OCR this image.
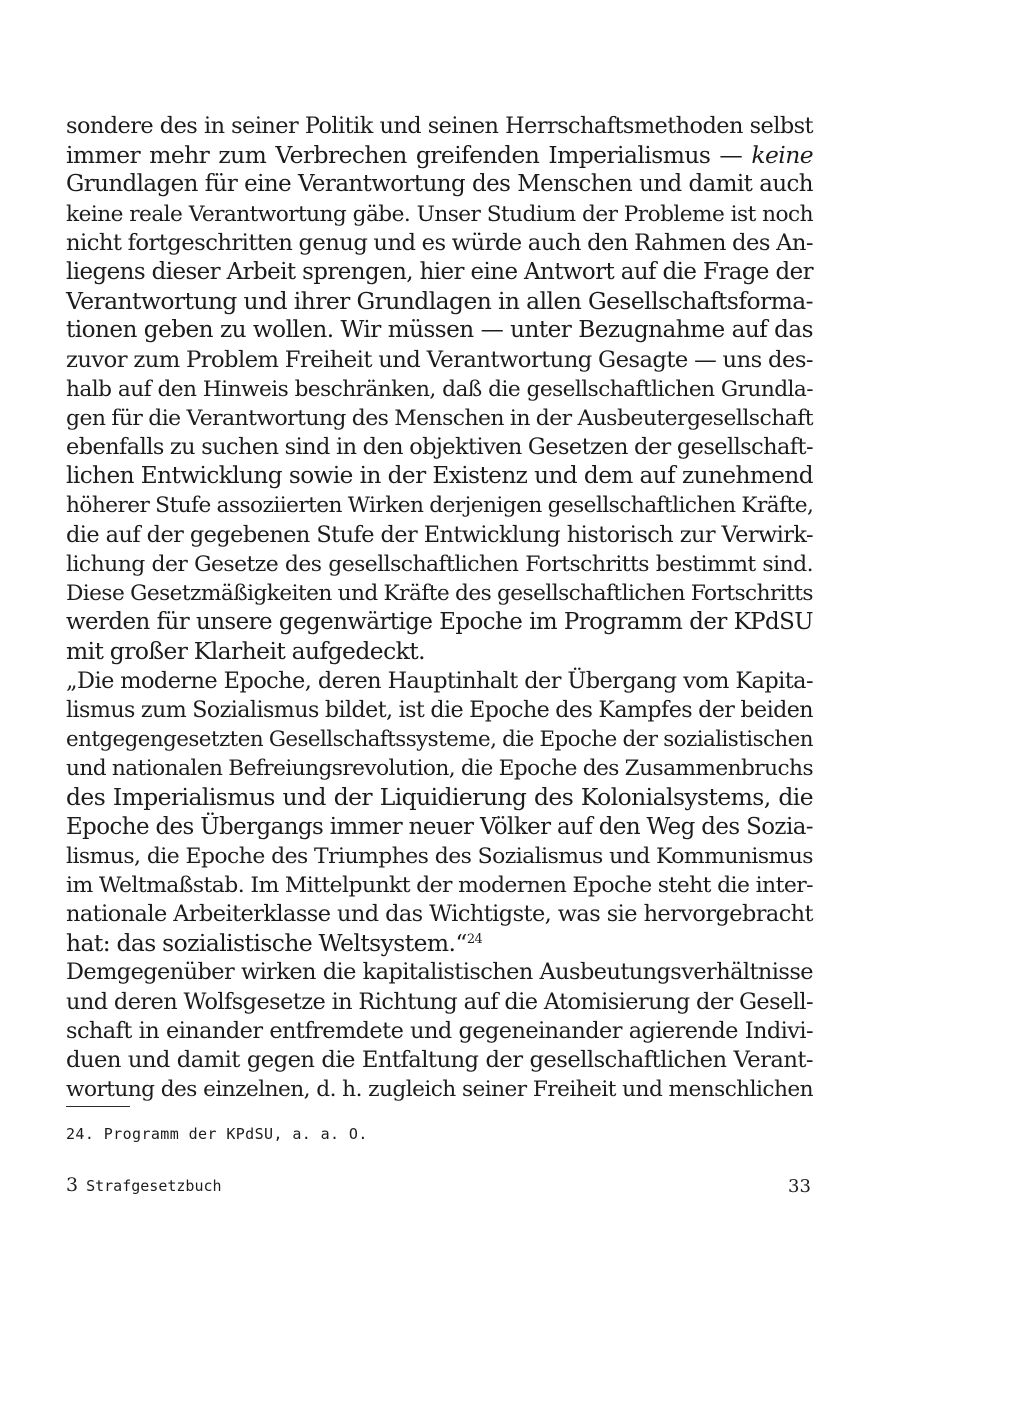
sondere des in seiner Politik und seinen Herrschaftsmethoden selbst
immer mehr zum Verbrechen greifenden Imperialismus — keine
Grundlagen für eine Verantwortung des Menschen und damit auch
keine reale Verantwortung gäbe. Unser Studium der Probleme ist noch
nicht fortgeschritten genug und es würde auch den Rahmen des An-
liegens dieser Arbeit sprengen, hier eine Antwort auf die Frage der
Verantwortung und ihrer Grundlagen in allen Gesellschaftsforma-
tionen geben zu wollen. Wir müssen — unter Bezugnahme auf das
zuvor zum Problem Freiheit und Verantwortung Gesagte — uns des-
halb auf den Hinweis beschränken, daß die gesellschaftlichen Grundla-
gen für die Verantwortung des Menschen in der Ausbeutergesellschaft
ebenfalls zu suchen sind in den objektiven Gesetzen der gesellschaft-
lichen Entwicklung sowie in der Existenz und dem auf zunehmend
höherer Stufe assoziierten Wirken derjenigen gesellschaftlichen Kräfte,
die auf der gegebenen Stufe der Entwicklung historisch zur Verwirk-
lichung der Gesetze des gesellschaftlichen Fortschritts bestimmt sind.
Diese Gesetzmäßigkeiten und Kräfte des gesellschaftlichen Fortschritts
werden für unsere gegenwärtige Epoche im Programm der KPdSU
mit großer Klarheit aufgedeckt.
„Die moderne Epoche, deren Hauptinhalt der Übergang vom Kapita-
lismus zum Sozialismus bildet, ist die Epoche des Kampfes der beiden
entgegengesetzten Gesellschaftssysteme, die Epoche der sozialistischen
und nationalen Befreiungsrevolution, die Epoche des Zusammenbruchs
des Imperialismus und der Liquidierung des Kolonialsystems, die
Epoche des Übergangs immer neuer Völker auf den Weg des Sozia-
lismus, die Epoche des Triumphes des Sozialismus und Kommunismus
im Weltmaßstab. Im Mittelpunkt der modernen Epoche steht die inter-
nationale Arbeiterklasse und das Wichtigste, was sie hervorgebracht
hat: das sozialistische Weltsystem.“$^{24}$
Demgegenüber wirken die kapitalistischen Ausbeutungsverhältnisse
und deren Wolfsgesetze in Richtung auf die Atomisierung der Gesell-
schaft in einander entfremdete und gegeneinander agierende Indivi-
duen und damit gegen die Entfaltung der gesellschaftlichen Verant-
wortung des einzelnen, d. h. zugleich seiner Freiheit und menschlichen
24. Programm der KPdSU, a. a. O.
3 Strafgesetzbuch	33
